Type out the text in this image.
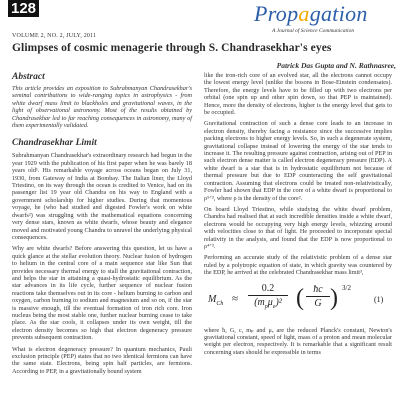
128	Propagation
A Journal of Science Communication
VOLUME 2, NO. 2, JULY, 2011
Glimpses of cosmic menagerie through S. Chandrasekhar's eyes
Patrick Das Gupta and N. Rathnasree,
Abstract

This article provides an exposition to Subrahmanyan Chandrasekhar's seminal contributions to wide-ranging topics in astrophysics - from white dwarf mass limit to blackholes and gravitational waves, in the light of observational astronomy. Most of the results obtained by Chandrasekhar led to far reaching consequences in astronomy, many of them experimentally validated.

Chandrasekhar Limit

Subrahmanyan Chandrasekhar's extraordinary research had begun in the year 1929 with the publication of his first paper when he was barely 18 years old¹. His remarkable voyage across oceans began on July 31, 1930, from Gateway of India at Bombay. The Italian liner, the Lloyd Triestino, on its way through the ocean is credited to Venice, had on its passenger list 19 year old Chandra on his way to England with a government scholarship for higher studies. During that momentous voyage, he (who had studied and digested Fowler's work on white dwarfs²) was struggling with the mathematical equations concerning very dense stars, known as white dwarfs, whose beauty and elegance moved and motivated young Chandra to unravel the underlying physical consequences.

Why are white dwarfs? Before answering this question, let us have a quick glance at the stellar evolution theory. Nuclear fusion of hydrogen to helium in the central core of a main sequence star like Sun that provides necessary thermal energy to stall the gravitational contraction, and helps the star in attaining a quasi-hydrostatic equilibrium. As the star advances in its life cycle, further sequence of nuclear fusion reactions take themselves out in its core - helium burning to carbon and oxygen, carbon burning to sodium and magnesium and so on, if the star is massive enough, till the eventual formation of iron rich core. Iron nucleus being the most stable one, further nuclear burning cease to take place. As the star cools, it collapses under its own weight, till the electron density becomes so high that electron degeneracy pressure prevents subsequent contraction.

What is electron degeneracy pressure? In quantum mechanics, Pauli exclusion principle (PEP) states that no two identical fermions can have the same state. Electrons, being spin half particles, are fermions. According to PEP, in a gravitationally bound system

like the iron-rich core of an evolved star, all the electrons cannot occupy the lowest energy level (unlike the bosons in Bose-Einstein condensates). Therefore, the energy levels have to be filled up with two electrons per orbital (one spin up and other spin down, so that PEP is maintained). Hence, more the density of electrons, higher is the energy level that gets to be occupied.

Gravitational contraction of such a dense core leads to an increase in electron density, thereby facing a resistance since the successive implies packing electrons to higher energy levels. So, in such a degenerate system, gravitational collapse instead of lowering the energy of the star tends to increase it. The resulting pressure against contraction, arising out of PEP in such electron dense matter is called electron degeneracy pressure (EDP). A white dwarf is a star that is in hydrostatic equilibrium not because of thermal pressure but due to EDP counteracting the self gravitational contraction. Assuming that electrons could be treated non-relativistically, Fowler had shown that EDP in the core of a white dwarf is proportional to ρ⁵ᐟ³, where ρ is the density of the core².

On board Lloyd Triestino, while studying the white dwarf problem, Chandra had realised that at such incredible densities inside a white dwarf, electrons would be occupying very high energy levels, whizzing around with velocities close to that of light. He proceeded to incorporate special relativity in the analysis, and found that the EDP is now proportional to ρ⁴ᐟ³.

Performing an accurate study of the relativistic problem of a dense star ruled by a polytropic equation of state, in which gravity was countered by the EDP, he arrived at the celebrated Chandrasekhar mass limit³,

$M_{Ch}$ ≈
0.2
$(m_p\mu_e)^2$ ( $\frac{ħc}{G}$ ) 3/2
(1)

where ħ, G, c, mₚ and μₑ are the reduced Planck's constant, Newton's gravitational constant, speed of light, mass of a proton and mean molecular weight per electron, respectively. It is remarkable that a significant result concerning stars should be expressible in terms
